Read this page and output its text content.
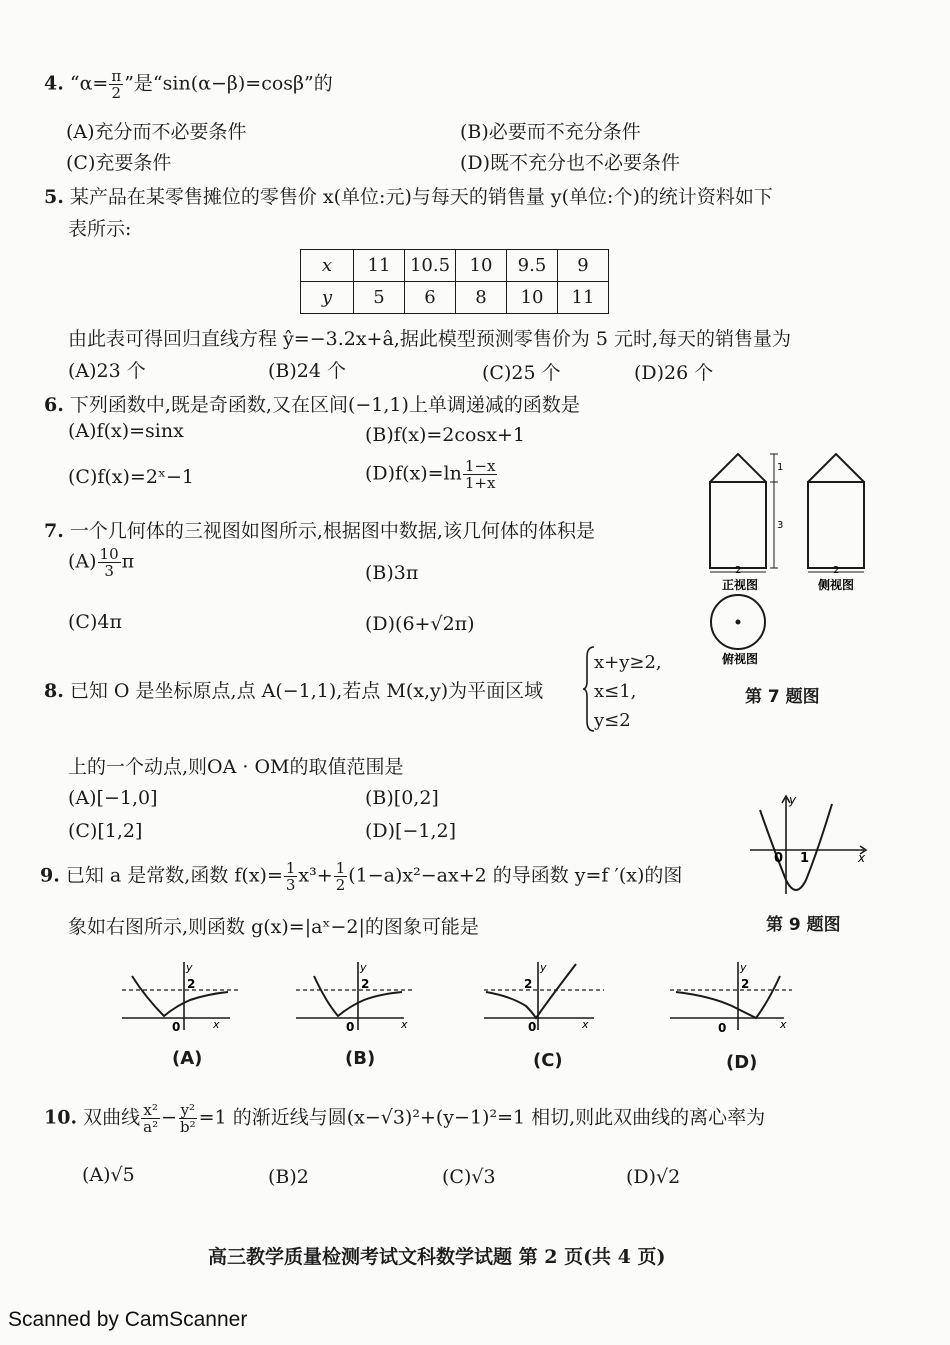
4. “$\alpha= \frac{\pi}{2}$ ”是“sin(α−β)=cosβ”的
(A)充分而不必要条件	(B)必要而不充分条件
(C)充要条件	(D)既不充分也不必要条件
5. 某产品在某零售摊位的零售价 x(单位:元)与每天的销售量 y(单位:个)的统计资料如下
表所示:
x	11	10.5	10	9.5	9
y	5	6	8	10	11
由此表可得回归直线方程 ŷ=−3.2x+â,据此模型预测零售价为 5 元时,每天的销售量为
(A)23 个	(B)24 个	(C)25 个	(D)26 个
6. 下列函数中,既是奇函数,又在区间(−1,1)上单调递减的函数是
(A)f(x)=sinx	(B)f(x)=2cosx+1
(C)f(x)=2ˣ−1	$(D)f(x)=\ln \frac{1-x}{1+x}$
7. 一个几何体的三视图如图所示,根据图中数据,该几何体的体积是
$(A) \frac{10}{3}$ π
(B)3π
(C)4π	(D)(6+√2π)
1
3
2	2
正视图	侧视图
俯视图
第 7 题图
8. 已知 O 是坐标原点,点 A(−1,1),若点 M(x,y)为平面区域
x+y≥2,
x≤1,
y≤2
上的一个动点,则OA · OM的取值范围是
(A)[−1,0]	(B)[0,2]
(C)[1,2]	(D)[−1,2]
y
x
0 1
第 9 题图
9. 已知 a 是常数,函数 $f(x)= \frac{1}{3} x^3+ \frac{1}{2} (1-a)x^2-ax+2$ 的导函数 y=f ′(x)的图
象如右图所示,则函数 g(x)=|aˣ−2|的图象可能是
y
2
0	x
y
2
0	x
y
2
0	x
y
2
0	x
(A)	(B)	(C)	(D)
10. 双曲线 $\frac{\text{x²}}{\text{a²}} - \frac{\text{y²}}{\text{b²}} =1$ 的渐近线与圆(x−√3)²+(y−1)²=1 相切,则此双曲线的离心率为
(A)√5	(B)2	(C)√3	(D)√2
高三教学质量检测考试文科数学试题 第 2 页(共 4 页)
Scanned by CamScanner
